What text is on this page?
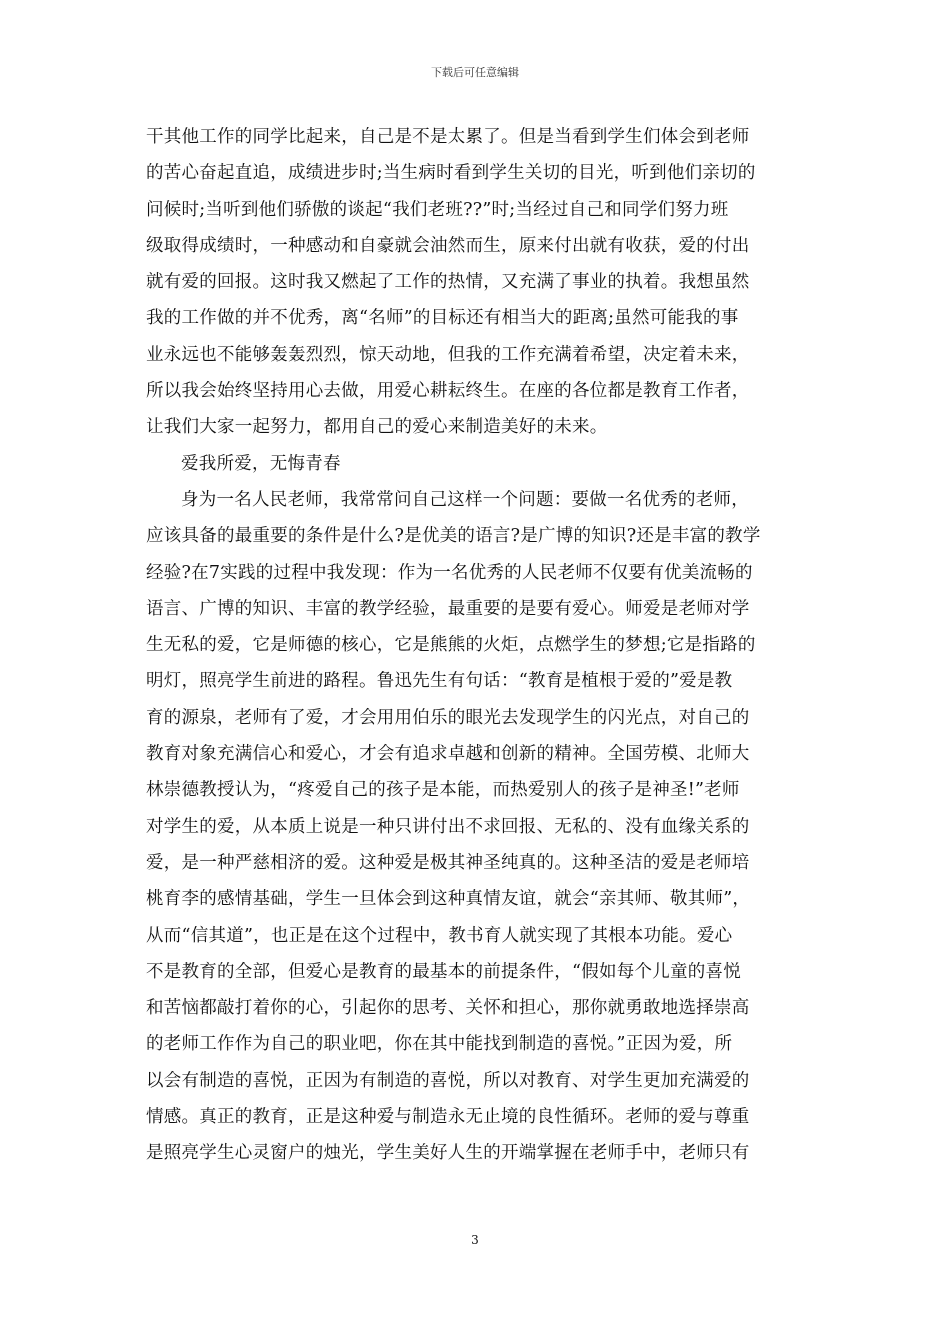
下载后可任意编辑
干其他工作的同学比起来，自己是不是太累了。但是当看到学生们体会到老师
的苦心奋起直追，成绩进步时;当生病时看到学生关切的目光，听到他们亲切的
问候时;当听到他们骄傲的谈起“我们老班??”时;当经过自己和同学们努力班
级取得成绩时，一种感动和自豪就会油然而生，原来付出就有收获，爱的付出
就有爱的回报。这时我又燃起了工作的热情，又充满了事业的执着。我想虽然
我的工作做的并不优秀，离“名师”的目标还有相当大的距离;虽然可能我的事
业永远也不能够轰轰烈烈，惊天动地，但我的工作充满着希望，决定着未来，
所以我会始终坚持用心去做，用爱心耕耘终生。在座的各位都是教育工作者，
让我们大家一起努力，都用自己的爱心来制造美好的未来。
爱我所爱，无悔青春
身为一名人民老师，我常常问自己这样一个问题：要做一名优秀的老师，
应该具备的最重要的条件是什么?是优美的语言?是广博的知识?还是丰富的教学
经验?在7实践的过程中我发现：作为一名优秀的人民老师不仅要有优美流畅的
语言、广博的知识、丰富的教学经验，最重要的是要有爱心。师爱是老师对学
生无私的爱，它是师德的核心，它是熊熊的火炬，点燃学生的梦想;它是指路的
明灯，照亮学生前进的路程。鲁迅先生有句话：“教育是植根于爱的”爱是教
育的源泉，老师有了爱，才会用用伯乐的眼光去发现学生的闪光点，对自己的
教育对象充满信心和爱心，才会有追求卓越和创新的精神。全国劳模、北师大
林崇德教授认为，“疼爱自己的孩子是本能，而热爱别人的孩子是神圣!”老师
对学生的爱，从本质上说是一种只讲付出不求回报、无私的、没有血缘关系的
爱，是一种严慈相济的爱。这种爱是极其神圣纯真的。这种圣洁的爱是老师培
桃育李的感情基础，学生一旦体会到这种真情友谊，就会“亲其师、敬其师”，
从而“信其道”，也正是在这个过程中，教书育人就实现了其根本功能。爱心
不是教育的全部，但爱心是教育的最基本的前提条件，“假如每个儿童的喜悦
和苦恼都敲打着你的心，引起你的思考、关怀和担心，那你就勇敢地选择崇高
的老师工作作为自己的职业吧，你在其中能找到制造的喜悦。”正因为爱，所
以会有制造的喜悦，正因为有制造的喜悦，所以对教育、对学生更加充满爱的
情感。真正的教育，正是这种爱与制造永无止境的良性循环。老师的爱与尊重
是照亮学生心灵窗户的烛光，学生美好人生的开端掌握在老师手中，老师只有
3
